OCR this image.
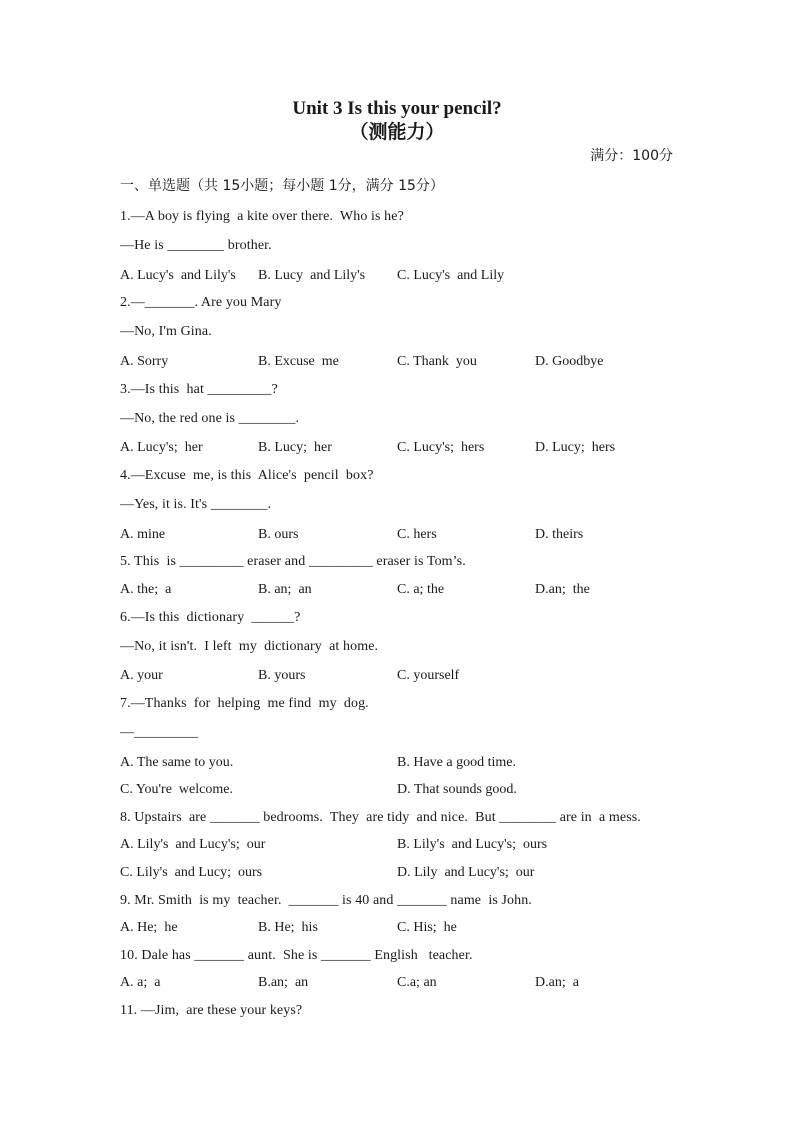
Unit 3 Is this your pencil?
（测能力）
满分：100分
一、单选题（共 15小题；每小题 1分，满分 15分）
1.—A boy is flying  a kite over there.  Who is he?
—He is ________ brother.
A. Lucy's  and Lily's B. Lucy  and Lily's C. Lucy's  and Lily
2.—_______. Are you Mary
—No, I'm Gina.
A. Sorry	B. Excuse  me	C. Thank  you	D. Goodbye
3.—Is this  hat _________?
—No, the red one is ________.
A. Lucy's;  her	B. Lucy;  her	C. Lucy's;  hers	D. Lucy;  hers
4.—Excuse  me, is this  Alice's  pencil  box?
—Yes, it is. It's ________.
A. mine	B. ours	C. hers	D. theirs
5. This  is _________ eraser and _________ eraser is Tom’s.
A. the;  a	B. an;  an	C. a; the	D.an;  the
6.—Is this  dictionary  ______?
—No, it isn't.  I left  my  dictionary  at home.
A. your	B. yours	C. yourself
7.—Thanks  for  helping  me find  my  dog.
—_________
A. The same to you.	B. Have a good time.
C. You're  welcome.	D. That sounds good.
8. Upstairs  are _______ bedrooms.  They  are tidy  and nice.  But ________ are in  a mess.
A. Lily's  and Lucy's;  our	B. Lily's  and Lucy's;  ours
C. Lily's  and Lucy;  ours	D. Lily  and Lucy's;  our
9. Mr. Smith  is my  teacher.  _______ is 40 and _______ name  is John.
A. He;  he	B. He;  his	C. His;  he
10. Dale has _______ aunt.  She is _______ English   teacher.
A. a;  a	B.an;  an	C.a; an	D.an;  a
11. —Jim,  are these your keys?
